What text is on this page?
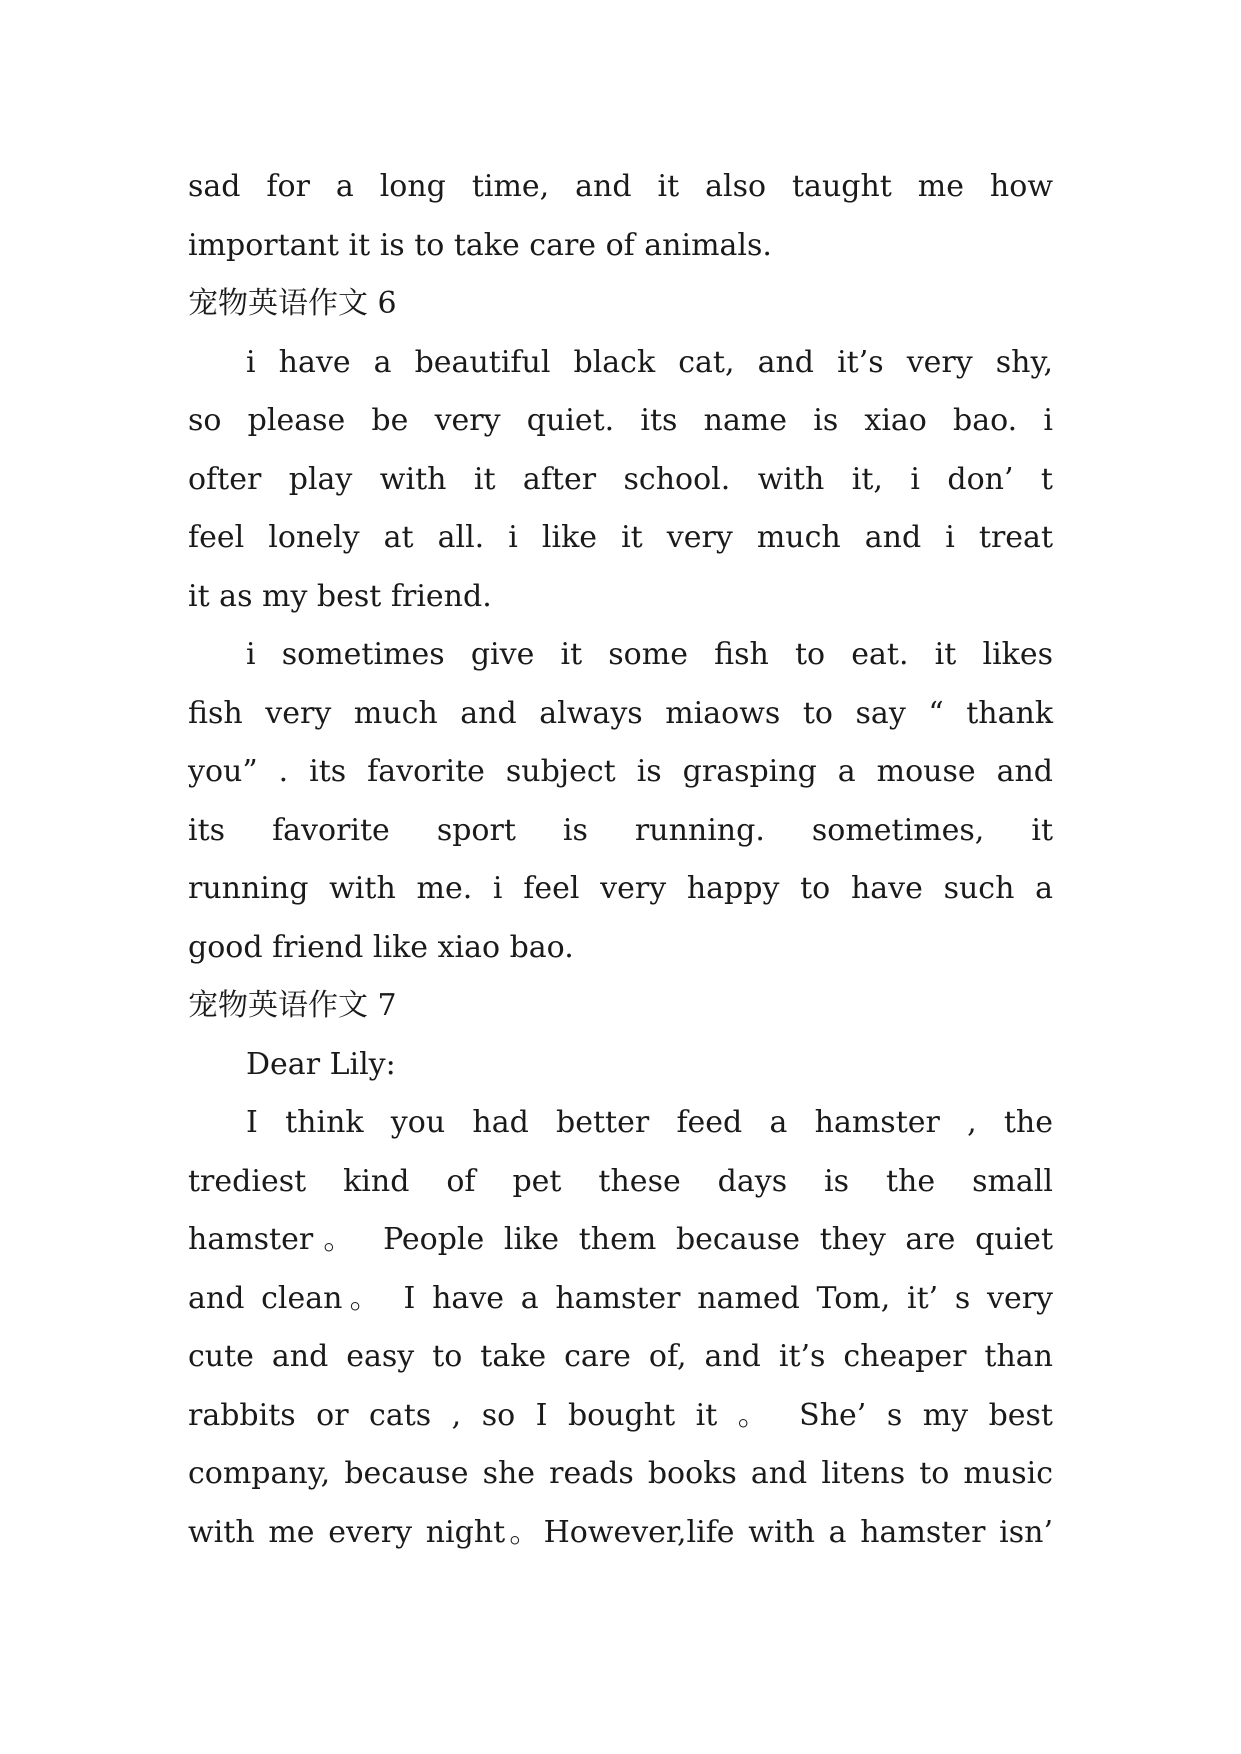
sad for a long time, and it also taught me how
important it is to take care of animals.
宠物英语作文 6
i have a beautiful black cat, and it’s very shy,
so please be very quiet. its name is xiao bao. i
ofter play with it after school. with it, i don’ t
feel lonely at all. i like it very much and i treat
it as my best friend.
i sometimes give it some fish to eat. it likes
fish very much and always miaows to say “ thank
you” . its favorite subject is grasping a mouse and
its favorite sport is running. sometimes, it
running with me. i feel very happy to have such a
good friend like xiao bao.
宠物英语作文 7
Dear Lily:
I think you had better feed a hamster , the
trediest kind of pet these days is the small
hamster。 People like them because they are quiet
and clean。 I have a hamster named Tom, it’ s very
cute and easy to take care of, and it’s cheaper than
rabbits or cats , so I bought it 。 She’ s my best
company, because she reads books and litens to music
with me every night。However,life with a hamster isn’
